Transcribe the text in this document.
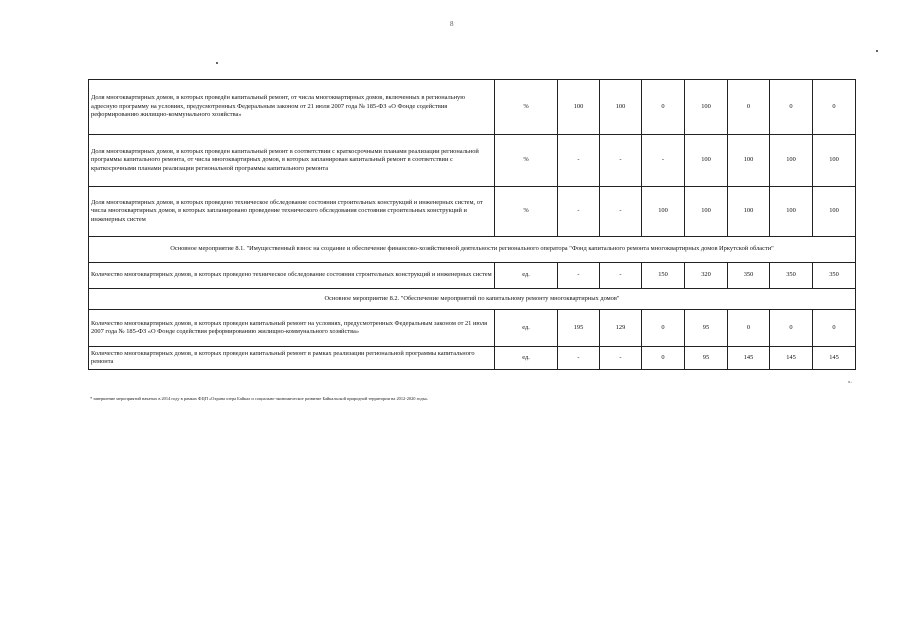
8
Доля многоквартирных домов, в которых проведён капитальный ремонт, от числа многоквартирных домов, включенных в региональную адресную программу на условиях, предусмотренных Федеральным законом от 21 июля 2007 года № 185-ФЗ «О Фонде содействия реформированию жилищно-коммунального хозяйства»	%	100	100	0	100	0	0	0
Доля многоквартирных домов, в которых проведен капитальный ремонт в соответствии с краткосрочными планами реализации региональной программы капитального ремонта, от числа многоквартирных домов, в которых запланирован капитальный ремонт в соответствии с краткосрочными планами реализации региональной программы капитального ремонта	%	-	-	-	100	100	100	100
Доля многоквартирных домов, в которых проведено техническое обследование состояния строительных конструкций и инженерных систем, от числа многоквартирных домов, в которых запланировано проведение технического обследования состояния строительных конструкций и инженерных систем	%	-	-	100	100	100	100	100
Основное мероприятие 8.1. "Имущественный взнос на создание и обеспечение финансово-хозяйственной деятельности регионального оператора "Фонд капитального ремонта многоквартирных домов Иркутской области"								
Количество многоквартирных домов, в которых проведено техническое обследование состояния строительных конструкций и инженерных систем	ед.	-	-	150	320	350	350	350
Основное мероприятие 8.2. "Обеспечение мероприятий по капитальному ремонту многоквартирных домов"								
Количество многоквартирных домов, в которых проведен капитальный ремонт на условиях, предусмотренных Федеральным законом от 21 июля 2007 года № 185-ФЗ «О Фонде содействия реформированию жилищно-коммунального хозяйства»	ед.	195	129	0	95	0	0	0
Количество многоквартирных домов, в которых проведен капитальный ремонт в рамках реализации региональной программы капитального ремонта	ед.	-	-	0	95	145	145	145
».
* завершение мероприятий начатых в 2014 году в рамках ФЦП «Охрана озера Байкал и социально-экономическое развитие Байкальской природной территории на 2012-2020 годы»
